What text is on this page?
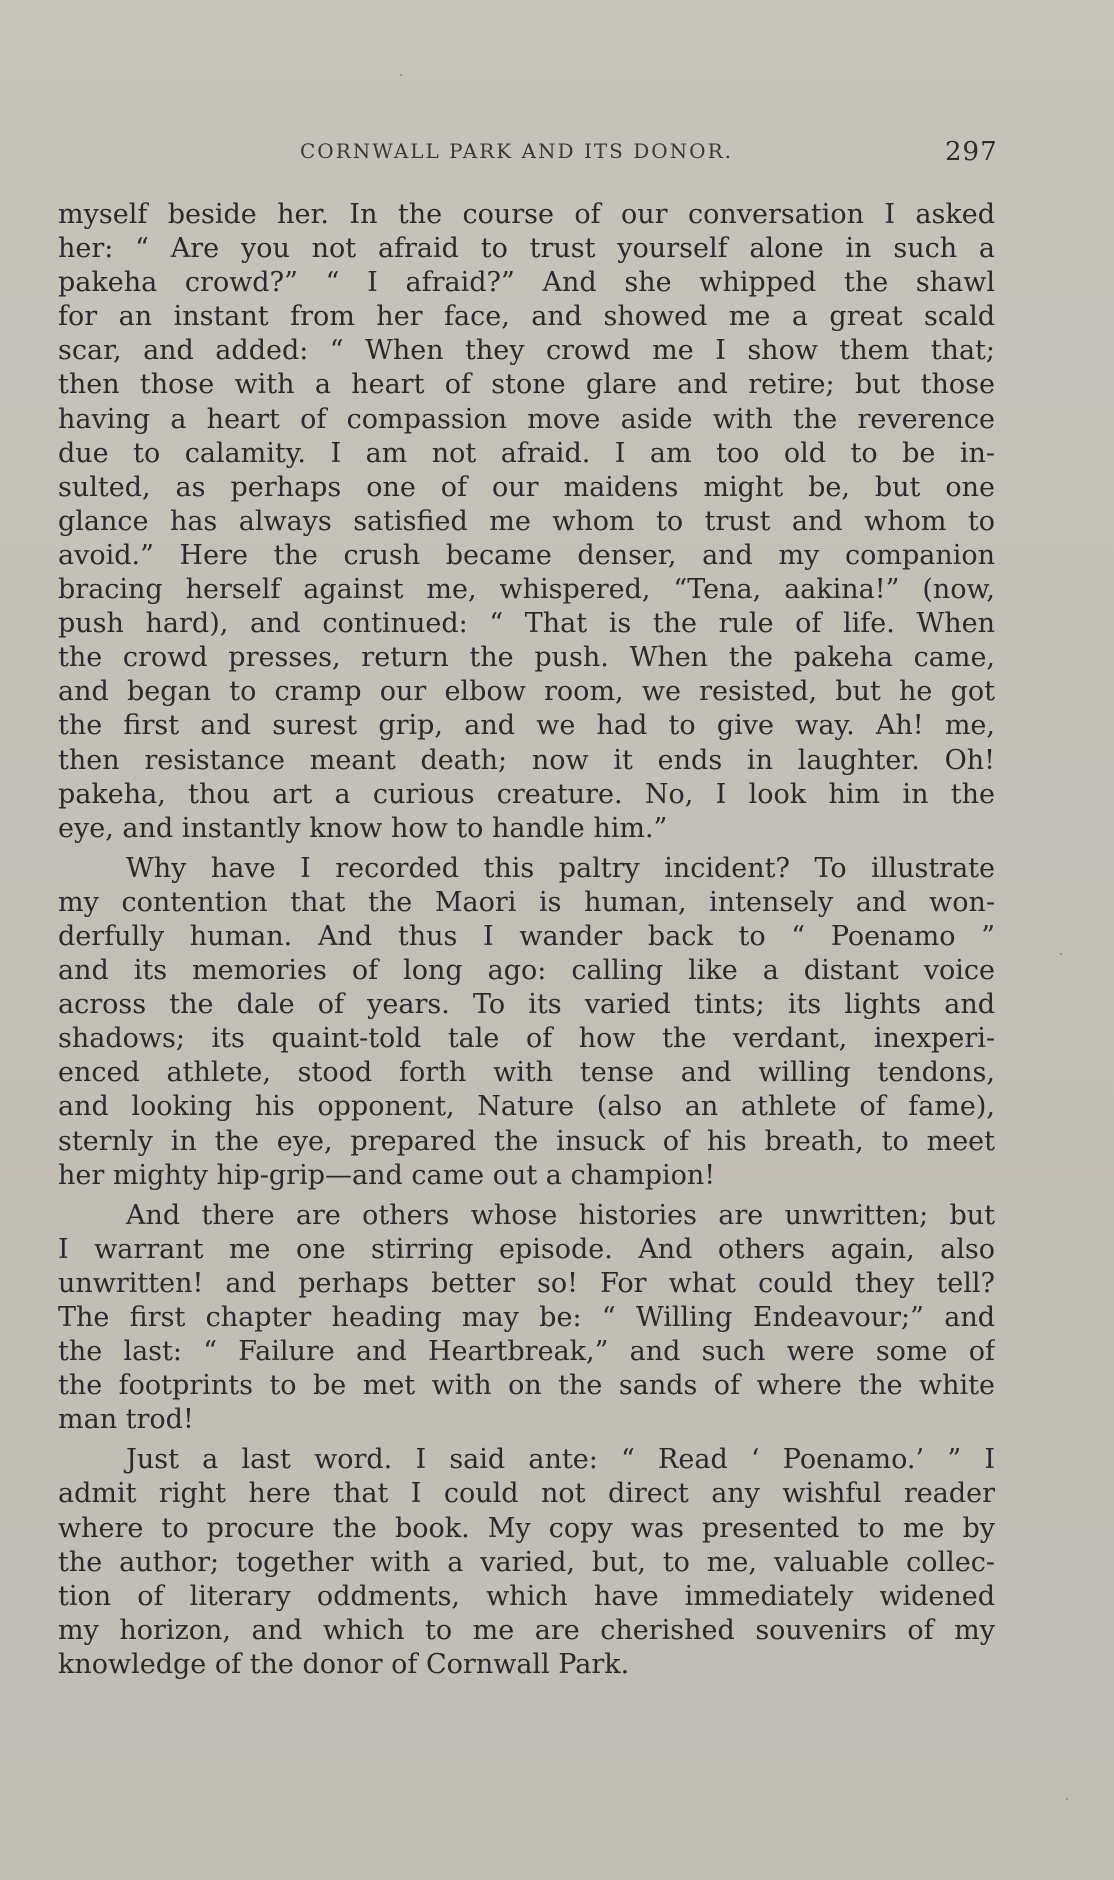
CORNWALL PARK AND ITS DONOR.	297
myself beside her. In the course of our conversation I asked
her: “ Are you not afraid to trust yourself alone in such a
pakeha crowd?” “ I afraid?” And she whipped the shawl
for an instant from her face, and showed me a great scald
scar, and added: “ When they crowd me I show them that;
then those with a heart of stone glare and retire; but those
having a heart of compassion move aside with the reverence
due to calamity. I am not afraid. I am too old to be in-
sulted, as perhaps one of our maidens might be, but one
glance has always satisfied me whom to trust and whom to
avoid.” Here the crush became denser, and my companion
bracing herself against me, whispered, “Tena, aakina!” (now,
push hard), and continued: “ That is the rule of life. When
the crowd presses, return the push. When the pakeha came,
and began to cramp our elbow room, we resisted, but he got
the first and surest grip, and we had to give way. Ah! me,
then resistance meant death; now it ends in laughter. Oh!
pakeha, thou art a curious creature. No, I look him in the
eye, and instantly know how to handle him.”
Why have I recorded this paltry incident? To illustrate
my contention that the Maori is human, intensely and won-
derfully human. And thus I wander back to “ Poenamo ”
and its memories of long ago: calling like a distant voice
across the dale of years. To its varied tints; its lights and
shadows; its quaint-told tale of how the verdant, inexperi-
enced athlete, stood forth with tense and willing tendons,
and looking his opponent, Nature (also an athlete of fame),
sternly in the eye, prepared the insuck of his breath, to meet
her mighty hip-grip—and came out a champion!
And there are others whose histories are unwritten; but
I warrant me one stirring episode. And others again, also
unwritten! and perhaps better so! For what could they tell?
The first chapter heading may be: “ Willing Endeavour;” and
the last: “ Failure and Heartbreak,” and such were some of
the footprints to be met with on the sands of where the white
man trod!
Just a last word. I said ante: “ Read ‘ Poenamo.’ ” I
admit right here that I could not direct any wishful reader
where to procure the book. My copy was presented to me by
the author; together with a varied, but, to me, valuable collec-
tion of literary oddments, which have immediately widened
my horizon, and which to me are cherished souvenirs of my
knowledge of the donor of Cornwall Park.
